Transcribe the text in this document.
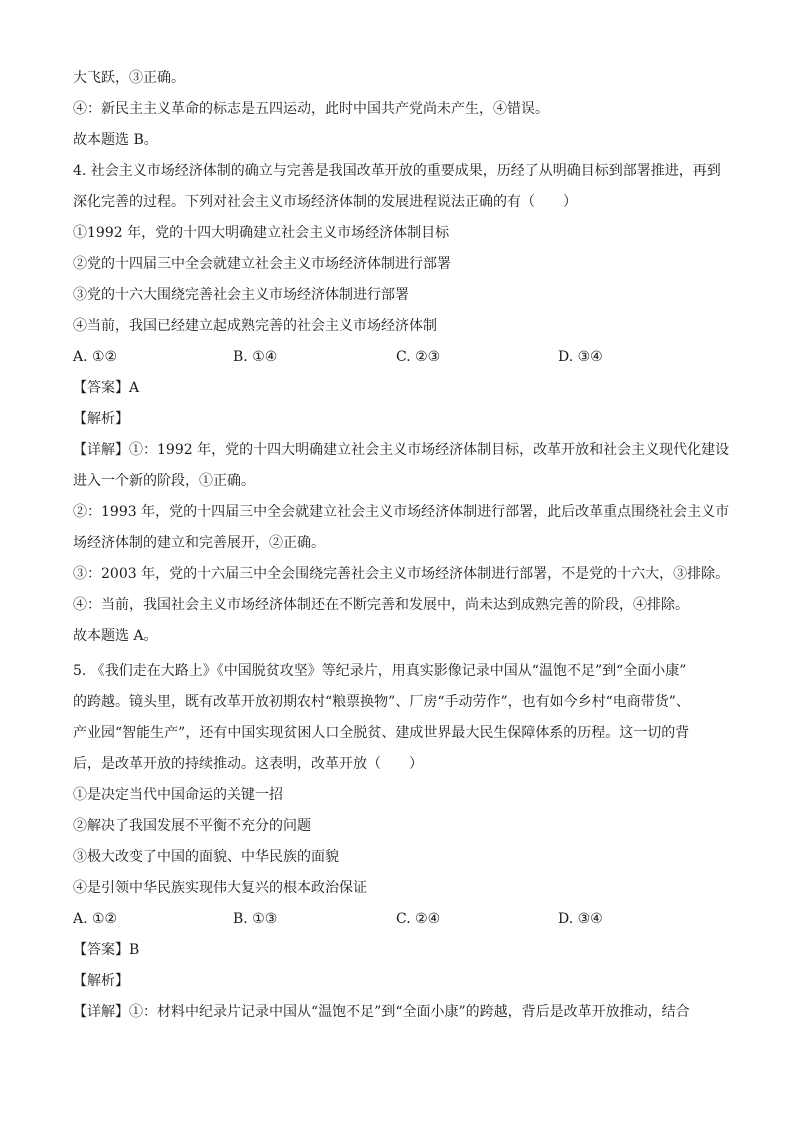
大飞跃，③正确。
④：新民主主义革命的标志是五四运动，此时中国共产党尚未产生，④错误。
故本题选 B。
4. 社会主义市场经济体制的确立与完善是我国改革开放的重要成果，历经了从明确目标到部署推进，再到
深化完善的过程。下列对社会主义市场经济体制的发展进程说法正确的有（　　）
①1992 年，党的十四大明确建立社会主义市场经济体制目标
②党的十四届三中全会就建立社会主义市场经济体制进行部署
③党的十六大围绕完善社会主义市场经济体制进行部署
④当前，我国已经建立起成熟完善的社会主义市场经济体制
A. ①②	B. ①④	C. ②③	D. ③④
【答案】A
【解析】
【详解】①：1992 年，党的十四大明确建立社会主义市场经济体制目标，改革开放和社会主义现代化建设
进入一个新的阶段，①正确。
②：1993 年，党的十四届三中全会就建立社会主义市场经济体制进行部署，此后改革重点围绕社会主义市
场经济体制的建立和完善展开，②正确。
③：2003 年，党的十六届三中全会围绕完善社会主义市场经济体制进行部署，不是党的十六大，③排除。
④：当前，我国社会主义市场经济体制还在不断完善和发展中，尚未达到成熟完善的阶段，④排除。
故本题选 A。
5. 《我们走在大路上》《中国脱贫攻坚》等纪录片，用真实影像记录中国从“温饱不足”到“全面小康”
的跨越。镜头里，既有改革开放初期农村“粮票换物”、厂房“手动劳作”，也有如今乡村“电商带货”、
产业园“智能生产”，还有中国实现贫困人口全脱贫、建成世界最大民生保障体系的历程。这一切的背
后，是改革开放的持续推动。这表明，改革开放（　　）
①是决定当代中国命运的关键一招
②解决了我国发展不平衡不充分的问题
③极大改变了中国的面貌、中华民族的面貌
④是引领中华民族实现伟大复兴的根本政治保证
A. ①②	B. ①③	C. ②④	D. ③④
【答案】B
【解析】
【详解】①：材料中纪录片记录中国从“温饱不足”到“全面小康”的跨越，背后是改革开放推动，结合
